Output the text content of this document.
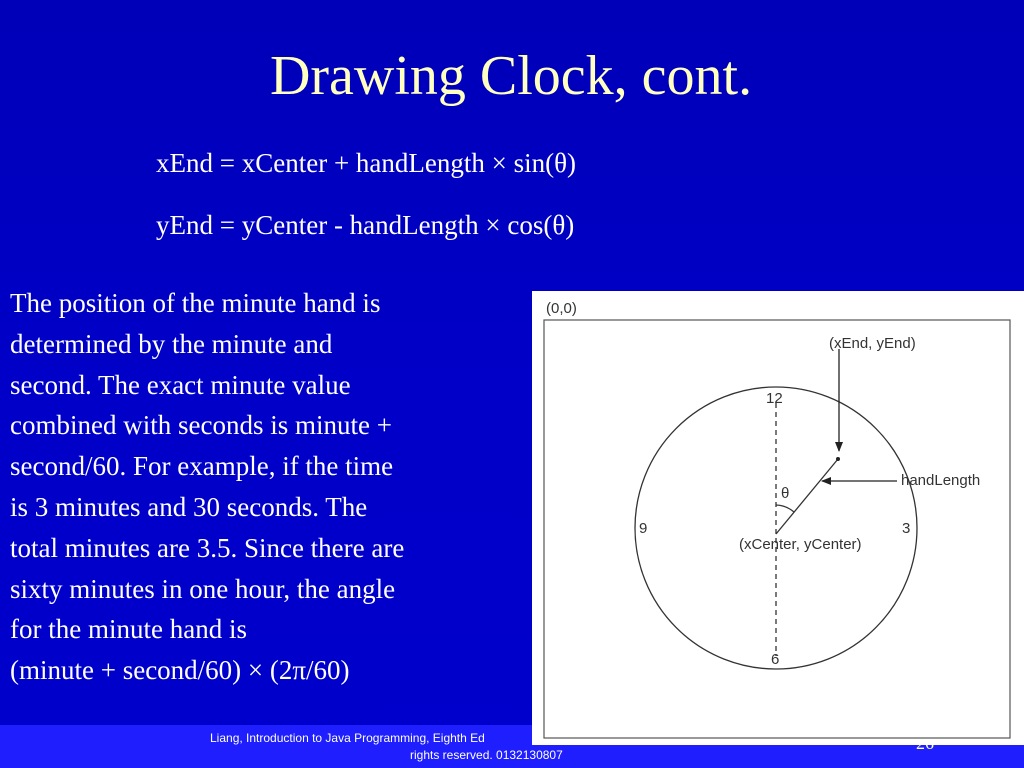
Drawing Clock, cont.
xEnd = xCenter + handLength × sin(θ)
yEnd = yCenter - handLength × cos(θ)
The position of the minute hand is
determined by the minute and
second. The exact minute value
combined with seconds is minute +
second/60. For example, if the time
is 3 minutes and 30 seconds. The
total minutes are 3.5. Since there are
sixty minutes in one hour, the angle
for the minute hand is
(minute + second/60) × (2π/60)
(0,0)
(xEnd, yEnd)
handLength
θ
(xCenter, yCenter)
12
3
6
9
Liang, Introduction to Java Programming, Eighth Ed
rights reserved. 0132130807
